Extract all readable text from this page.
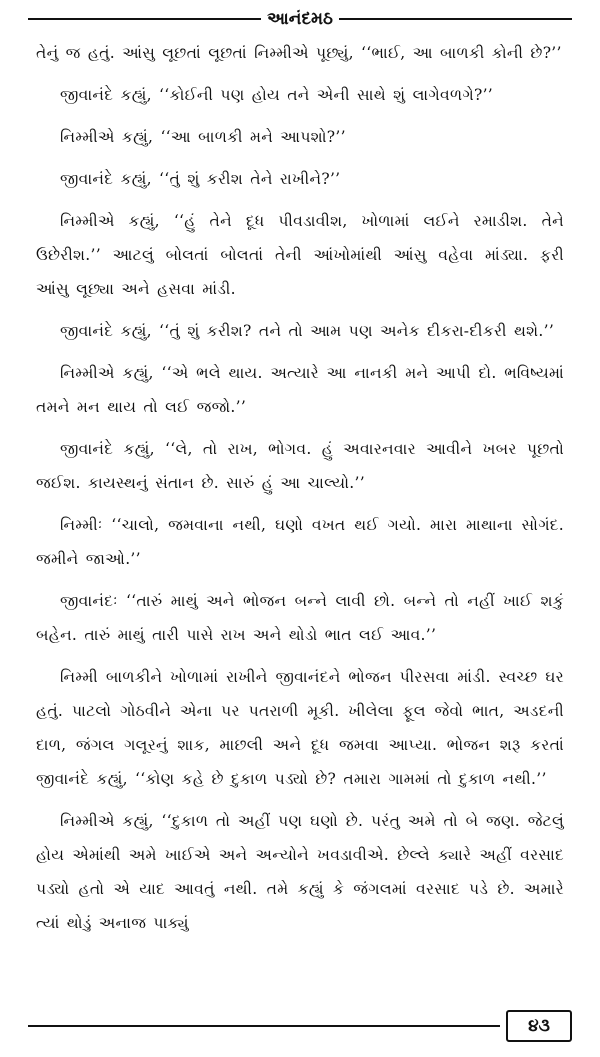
આનંદમઠ

તેનું જ હતું. આંસુ લૂછતાં લૂછતાં નિમ્મીએ પૂછ્યું, ‘‘ભાઈ, આ બાળકી કોની છે?’’

જીવાનંદે કહ્યું, ‘‘કોઈની પણ હોય તને એની સાથે શું લાગેવળગે?’’

નિમ્મીએ કહ્યું, ‘‘આ બાળકી મને આપશો?’’

જીવાનંદે કહ્યું, ‘‘તું શું કરીશ તેને રાખીને?’’

નિમ્મીએ કહ્યું, ‘‘હું તેને દૂધ પીવડાવીશ, ખોળામાં લઈને રમાડીશ. તેને ઉછેરીશ.’’ આટલું બોલતાં બોલતાં તેની આંખોમાંથી આંસુ વહેવા માંડ્યા. ફરી આંસુ લૂછ્યા અને હસવા માંડી.

જીવાનંદે કહ્યું, ‘‘તું શું કરીશ? તને તો આમ પણ અનેક દીકરા-દીકરી થશે.’’

નિમ્મીએ કહ્યું, ‘‘એ ભલે થાય. અત્યારે આ નાનકી મને આપી દો. ભવિષ્યમાં તમને મન થાય તો લઈ જજો.’’

જીવાનંદે કહ્યું, ‘‘લે, તો રાખ, ભોગવ. હું અવારનવાર આવીને ખબર પૂછતો જઈશ. કાયસ્થનું સંતાન છે. સારું હું આ ચાલ્યો.’’

નિમ્મીઃ ‘‘ચાલો, જમવાના નથી, ઘણો વખત થઈ ગયો. મારા માથાના સોગંદ. જમીને જાઓ.’’

જીવાનંદઃ ‘‘તારું માથું અને ભોજન બન્ને લાવી છો. બન્ને તો નહીં ખાઈ શકું બહેન. તારું માથું તારી પાસે રાખ અને થોડો ભાત લઈ આવ.’’

નિમ્મી બાળકીને ખોળામાં રાખીને જીવાનંદને ભોજન પીરસવા માંડી. સ્વચ્છ ઘર હતું. પાટલો ગોઠવીને એના પર પતરાળી મૂકી. ખીલેલા ફૂલ જેવો ભાત, અડદની દાળ, જંગલ ગલૂરનું શાક, માછલી અને દૂધ જમવા આપ્યા. ભોજન શરૂ કરતાં જીવાનંદે કહ્યું, ‘‘કોણ કહે છે દુકાળ પડ્યો છે? તમારા ગામમાં તો દુકાળ નથી.’’

નિમ્મીએ કહ્યું, ‘‘દુકાળ તો અહીં પણ ઘણો છે. પરંતુ અમે તો બે જણ. જેટલું હોય એમાંથી અમે ખાઈએ અને અન્યોને ખવડાવીએ. છેલ્લે ક્યારે અહીં વરસાદ પડ્યો હતો એ યાદ આવતું નથી. તમે કહ્યું કે જંગલમાં વરસાદ પડે છે. અમારે ત્યાં થોડું અનાજ પાક્યું

૪૩
